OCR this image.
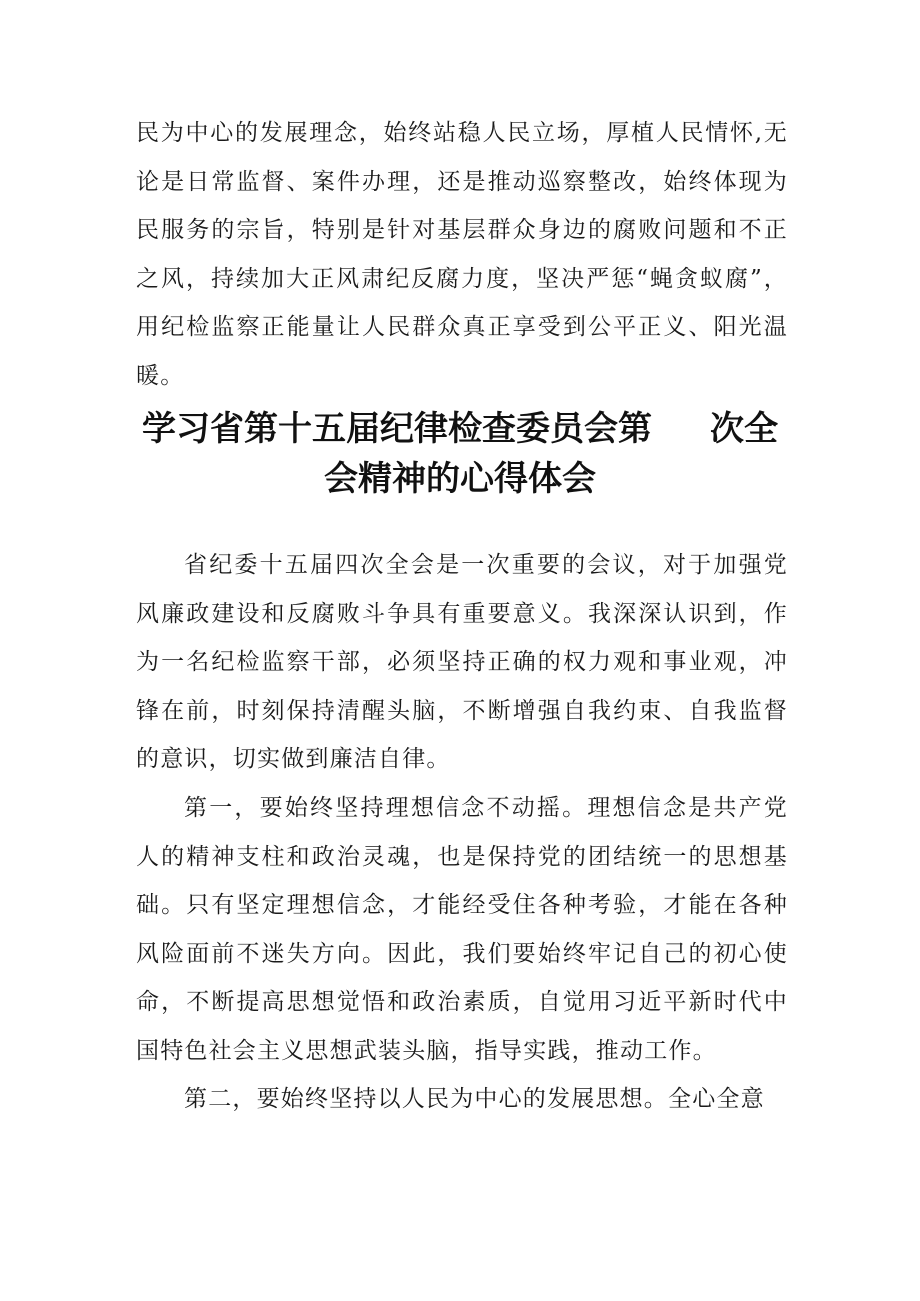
民为中心的发展理念，始终站稳人民立场，厚植人民情怀,无论是日常监督、案件办理，还是推动巡察整改，始终体现为民服务的宗旨，特别是针对基层群众身边的腐败问题和不正之风，持续加大正风肃纪反腐力度，坚决严惩“蝇贪蚁腐”，用纪检监察正能量让人民群众真正享受到公平正义、阳光温暖。

学习省第十五届纪律检查委员会第 次全
会精神的心得体会

省纪委十五届四次全会是一次重要的会议，对于加强党风廉政建设和反腐败斗争具有重要意义。我深深认识到，作为一名纪检监察干部，必须坚持正确的权力观和事业观，冲锋在前，时刻保持清醒头脑，不断增强自我约束、自我监督的意识，切实做到廉洁自律。

第一，要始终坚持理想信念不动摇。理想信念是共产党人的精神支柱和政治灵魂，也是保持党的团结统一的思想基础。只有坚定理想信念，才能经受住各种考验，才能在各种风险面前不迷失方向。因此，我们要始终牢记自己的初心使命，不断提高思想觉悟和政治素质，自觉用习近平新时代中国特色社会主义思想武装头脑，指导实践，推动工作。

第二，要始终坚持以人民为中心的发展思想。全心全意
